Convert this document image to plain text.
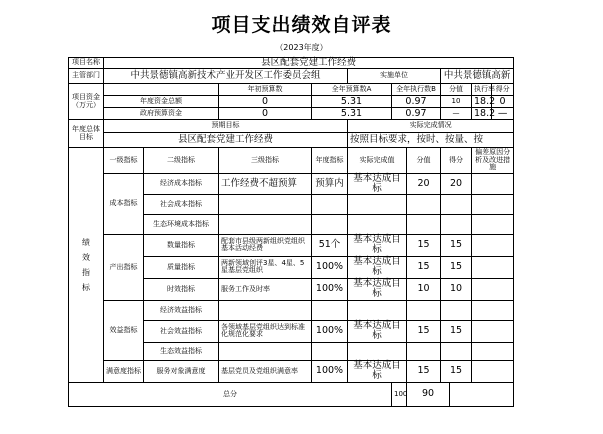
项目支出绩效自评表
（2023年度）
项目名称	县区配套党建工作经费										
主管部门	中共景德镇高新技术产业开发区工作委员会组				实施单位			中共景德镇高新			
项目资金（万元）			年初预算数	全年预算数A		全年执行数B		分值		执行率	得分
	年度资金总额		0	5.31		0.97		10		18.2	0
	政府预算资金		0	5.31		0.97		—		18.2	—
年度总体目标	预期目标				实际完成情况						
	县区配套党建工作经费				按照目标要求，按时、按量、按						
绩效指标	一级指标	二级指标	三级指标	年度指标	实际完成值		分值	得分		偏差原因分析及改进措施	
	成本指标	经济成本指标	工作经费不超预算	预算内	基本达成目标		20	20			
		社会成本指标									
		生态环境成本指标									
	产出指标	数量指标	配套市县级两新组织党组织基本活动经费	51个	基本达成目标		15	15			
		质量指标	两新领域创评3星、4星、5星基层党组织	100%	基本达成目标		15	15			
		时效指标	服务工作及时率	100%	基本达成目标		10	10			
	效益指标	经济效益指标									
		社会效益指标	各领域基层党组织达到标准化规范化要求	100%	基本达成目标		15	15			
		生态效益指标									
	满意度指标	服务对象满意度	基层党员及党组织满意率	100%	基本达成目标		15	15			
总分						100	90				
